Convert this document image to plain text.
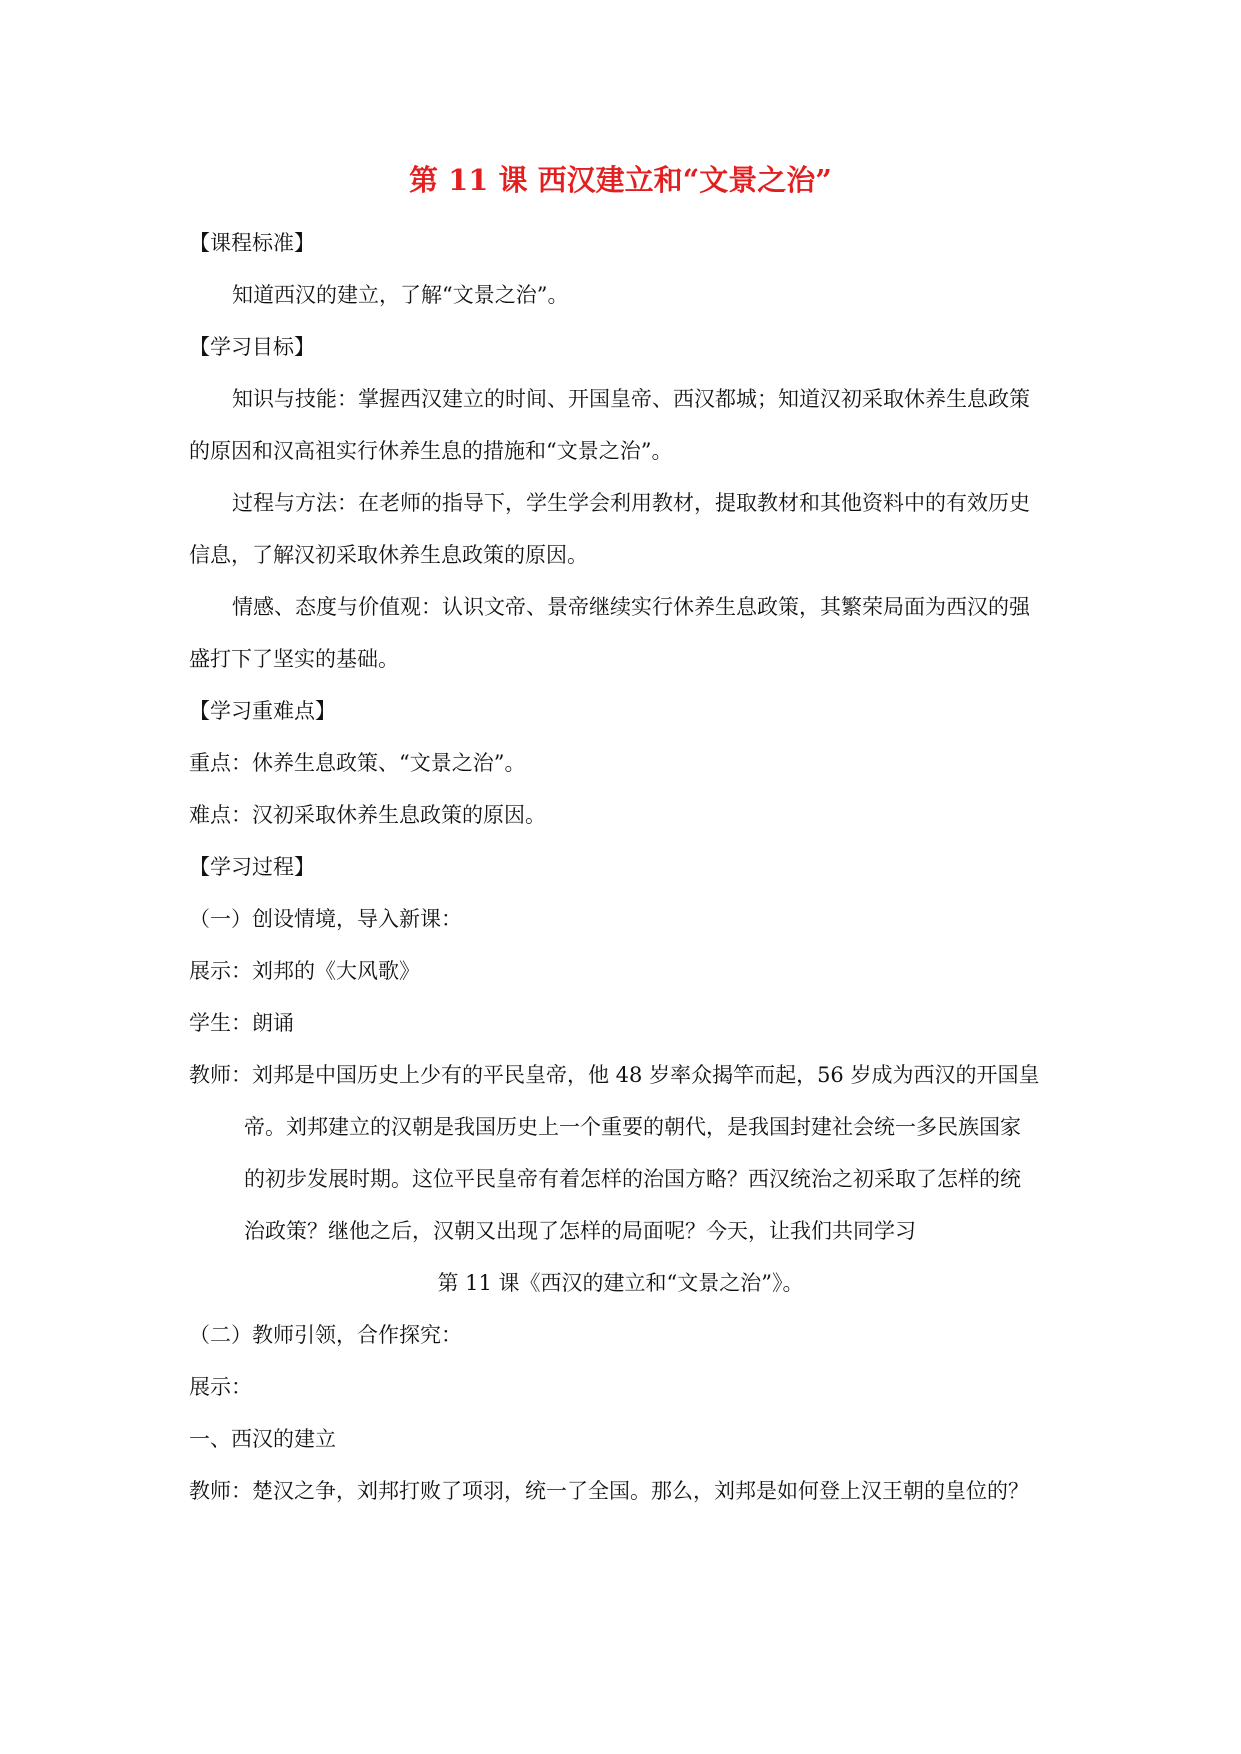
第 11 课 西汉建立和“文景之治”
【课程标准】
知道西汉的建立，了解“文景之治”。
【学习目标】
知识与技能：掌握西汉建立的时间、开国皇帝、西汉都城；知道汉初采取休养生息政策
的原因和汉高祖实行休养生息的措施和“文景之治”。
过程与方法：在老师的指导下，学生学会利用教材，提取教材和其他资料中的有效历史
信息，了解汉初采取休养生息政策的原因。
情感、态度与价值观：认识文帝、景帝继续实行休养生息政策，其繁荣局面为西汉的强
盛打下了坚实的基础。
【学习重难点】
重点：休养生息政策、“文景之治”。
难点：汉初采取休养生息政策的原因。
【学习过程】
（一）创设情境，导入新课：
展示：刘邦的《大风歌》
学生：朗诵
教师：刘邦是中国历史上少有的平民皇帝，他 48 岁率众揭竿而起，56 岁成为西汉的开国皇
帝。刘邦建立的汉朝是我国历史上一个重要的朝代，是我国封建社会统一多民族国家
的初步发展时期。这位平民皇帝有着怎样的治国方略？西汉统治之初采取了怎样的统
治政策？继他之后，汉朝又出现了怎样的局面呢？今天，让我们共同学习
第 11 课《西汉的建立和“文景之治”》。
（二）教师引领，合作探究：
展示：
一、西汉的建立
教师：楚汉之争，刘邦打败了项羽，统一了全国。那么，刘邦是如何登上汉王朝的皇位的？
